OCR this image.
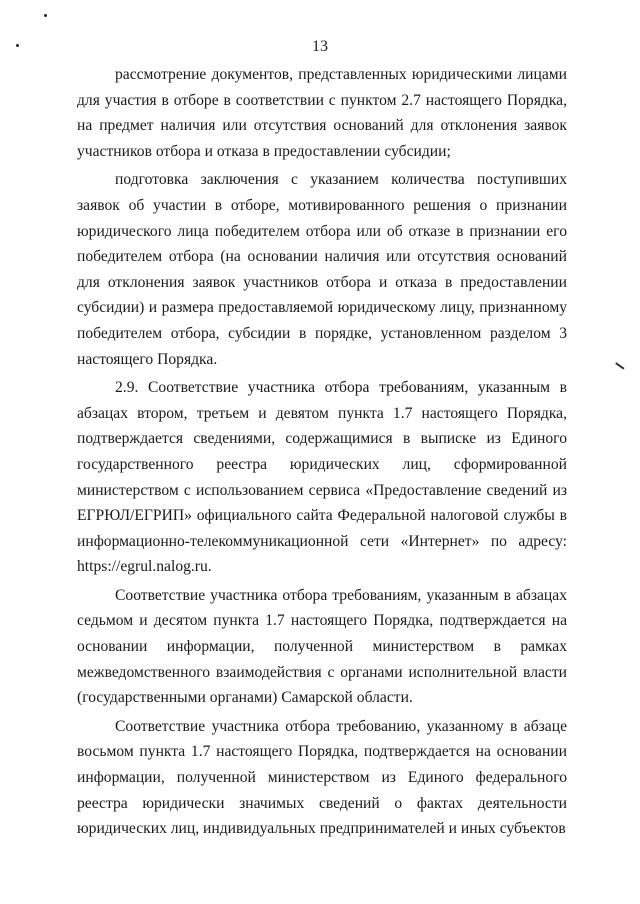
13

рассмотрение документов, представленных юридическими лицами для участия в отборе в соответствии с пунктом 2.7 настоящего Порядка, на предмет наличия или отсутствия оснований для отклонения заявок участников отбора и отказа в предоставлении субсидии;

подготовка заключения с указанием количества поступивших заявок об участии в отборе, мотивированного решения о признании юридического лица победителем отбора или об отказе в признании его победителем отбора (на основании наличия или отсутствия оснований для отклонения заявок участников отбора и отказа в предоставлении субсидии) и размера предоставляемой юридическому лицу, признанному победителем отбора, субсидии в порядке, установленном разделом 3 настоящего Порядка.

2.9. Соответствие участника отбора требованиям, указанным в абзацах втором, третьем и девятом пункта 1.7 настоящего Порядка, подтверждается сведениями, содержащимися в выписке из Единого государственного реестра юридических лиц, сформированной министерством с использованием сервиса «Предоставление сведений из ЕГРЮЛ/ЕГРИП» официального сайта Федеральной налоговой службы в информационно-телекоммуникационной сети «Интернет» по адресу: https://egrul.nalog.ru.

Соответствие участника отбора требованиям, указанным в абзацах седьмом и десятом пункта 1.7 настоящего Порядка, подтверждается на основании информации, полученной министерством в рамках межведомственного взаимодействия с органами исполнительной власти (государственными органами) Самарской области.

Соответствие участника отбора требованию, указанному в абзаце восьмом пункта 1.7 настоящего Порядка, подтверждается на основании информации, полученной министерством из Единого федерального реестра юридически значимых сведений о фактах деятельности юридических лиц, индивидуальных предпринимателей и иных субъектов
